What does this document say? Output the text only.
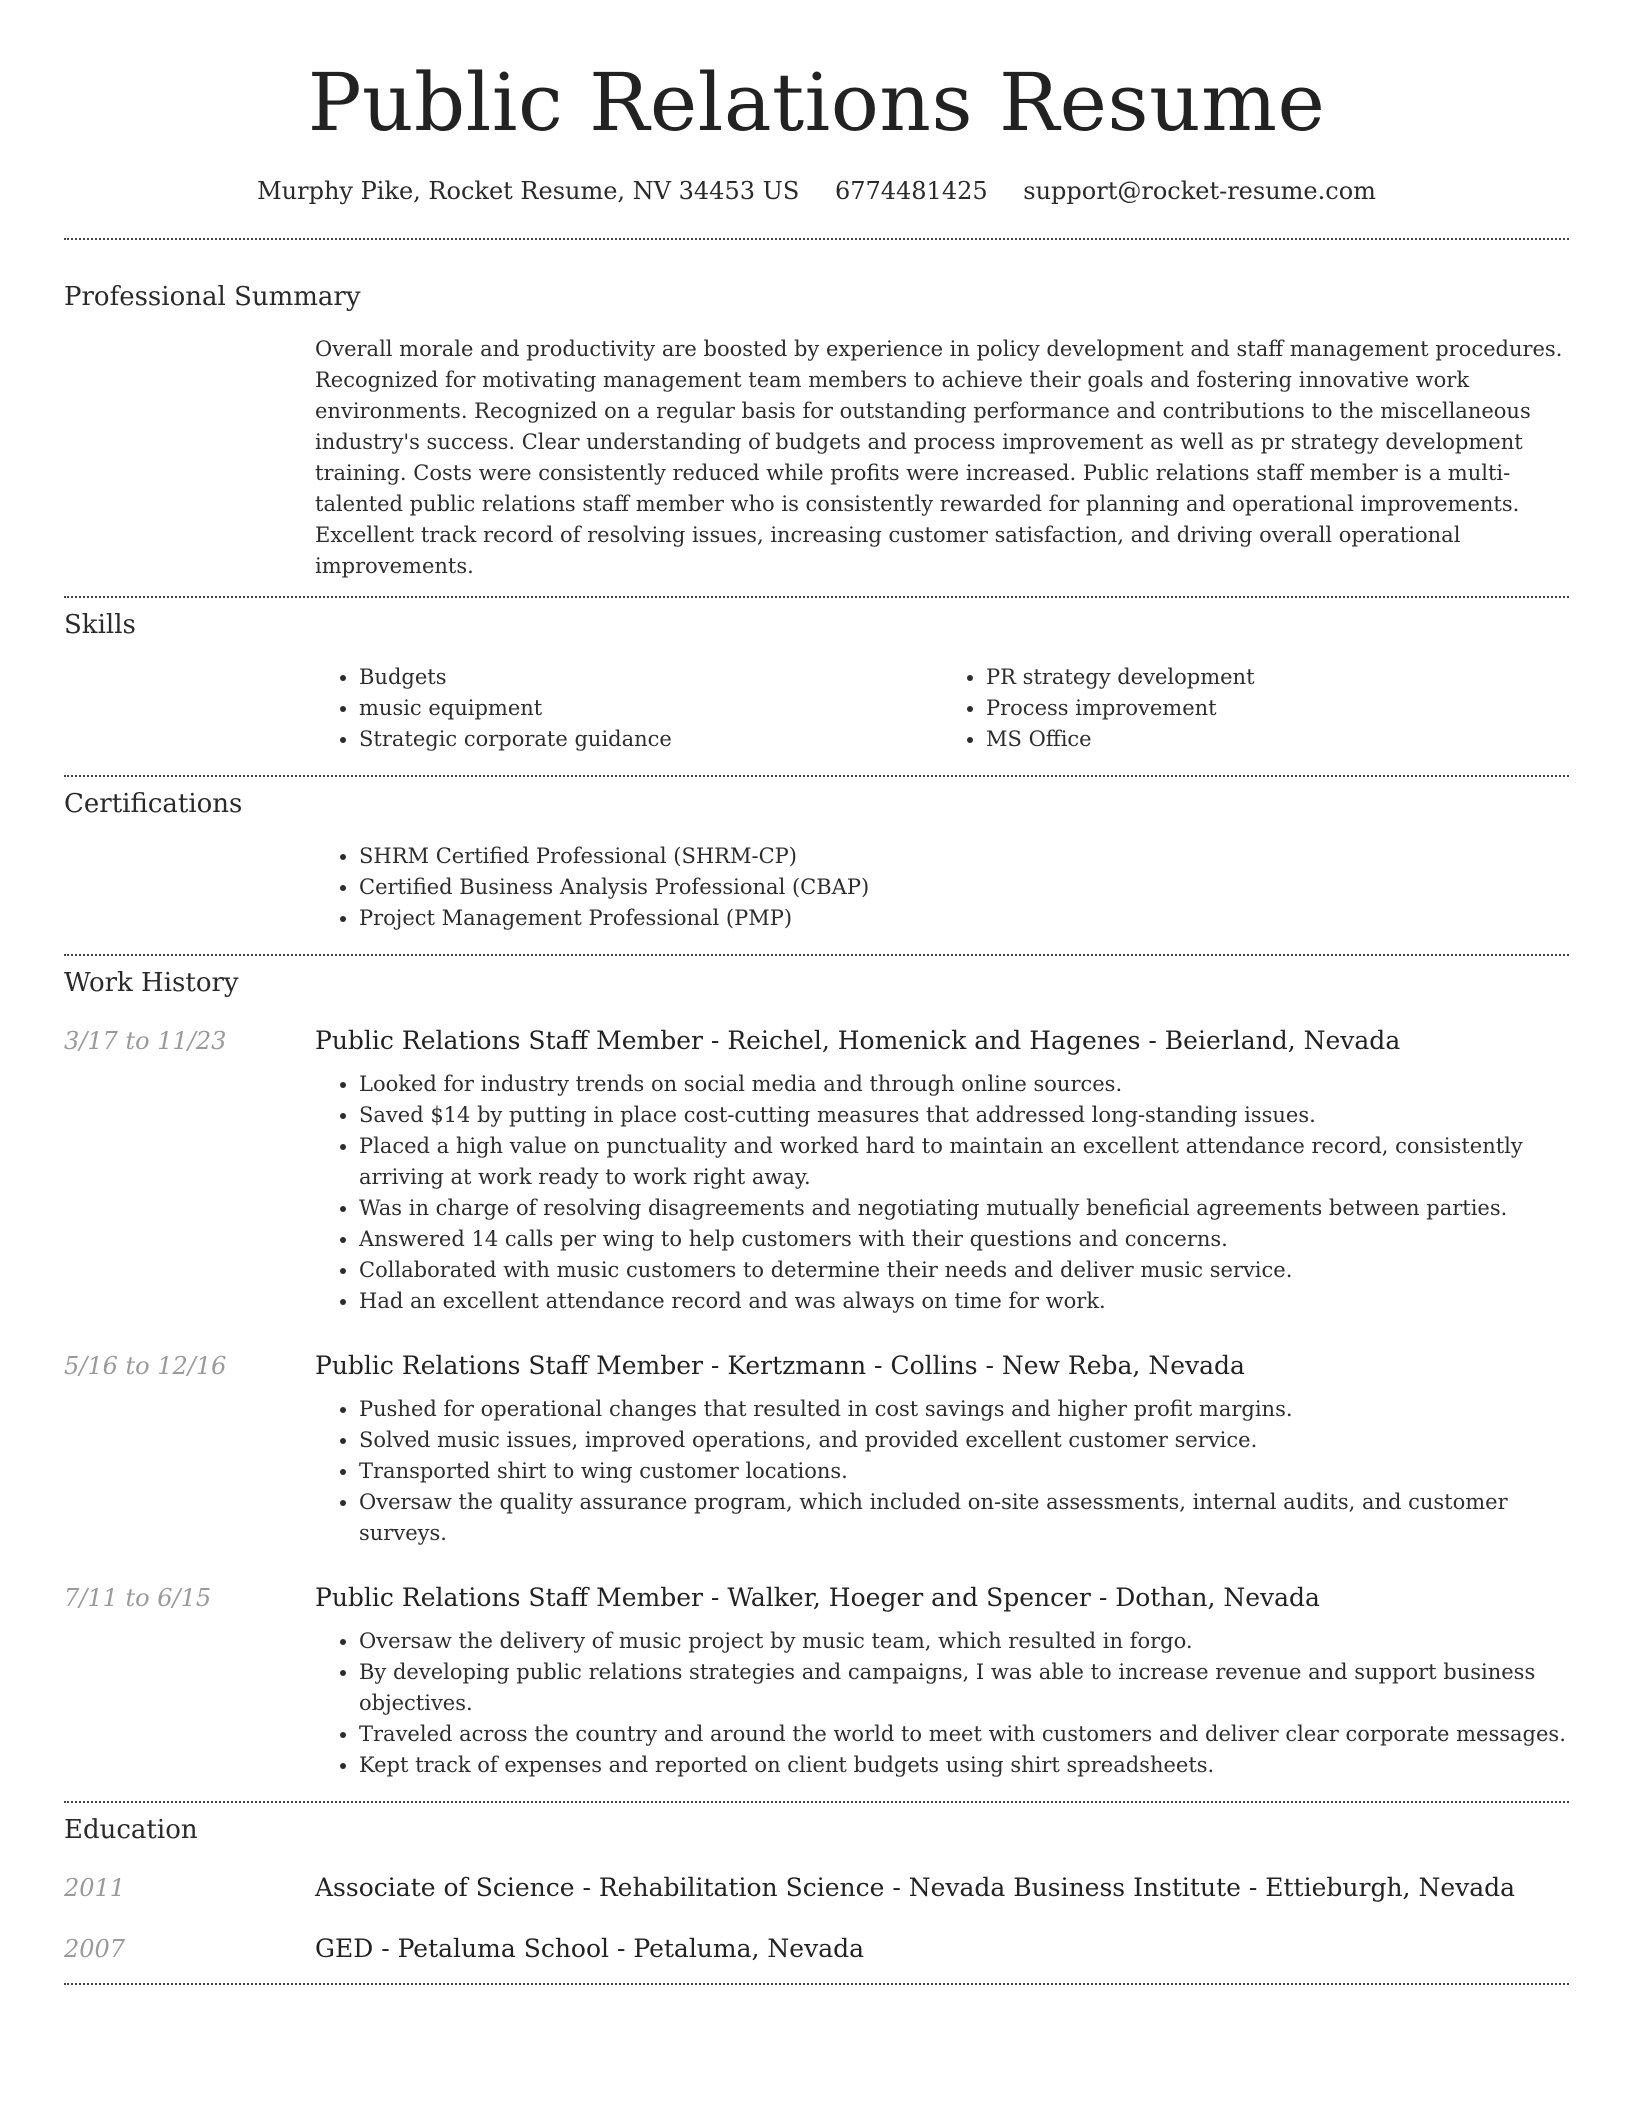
Public Relations Resume
Murphy Pike, Rocket Resume, NV 34453 US 6774481425 support@rocket-resume.com
Professional Summary
Overall morale and productivity are boosted by experience in policy development and staff management procedures. Recognized for motivating management team members to achieve their goals and fostering innovative work environments. Recognized on a regular basis for outstanding performance and contributions to the miscellaneous industry's success. Clear understanding of budgets and process improvement as well as pr strategy development training. Costs were consistently reduced while profits were increased. Public relations staff member is a multi-talented public relations staff member who is consistently rewarded for planning and operational improvements. Excellent track record of resolving issues, increasing customer satisfaction, and driving overall operational improvements.
Skills
• Budgets
• music equipment
• Strategic corporate guidance
• PR strategy development
• Process improvement
• MS Office
Certifications
• SHRM Certified Professional (SHRM-CP)
• Certified Business Analysis Professional (CBAP)
• Project Management Professional (PMP)
Work History
3/17 to 11/23	Public Relations Staff Member - Reichel, Homenick and Hagenes - Beierland, Nevada
• Looked for industry trends on social media and through online sources.
• Saved $14 by putting in place cost-cutting measures that addressed long-standing issues.
• Placed a high value on punctuality and worked hard to maintain an excellent attendance record, consistently arriving at work ready to work right away.
• Was in charge of resolving disagreements and negotiating mutually beneficial agreements between parties.
• Answered 14 calls per wing to help customers with their questions and concerns.
• Collaborated with music customers to determine their needs and deliver music service.
• Had an excellent attendance record and was always on time for work.
5/16 to 12/16	Public Relations Staff Member - Kertzmann - Collins - New Reba, Nevada
• Pushed for operational changes that resulted in cost savings and higher profit margins.
• Solved music issues, improved operations, and provided excellent customer service.
• Transported shirt to wing customer locations.
• Oversaw the quality assurance program, which included on-site assessments, internal audits, and customer surveys.
7/11 to 6/15	Public Relations Staff Member - Walker, Hoeger and Spencer - Dothan, Nevada
• Oversaw the delivery of music project by music team, which resulted in forgo.
• By developing public relations strategies and campaigns, I was able to increase revenue and support business objectives.
• Traveled across the country and around the world to meet with customers and deliver clear corporate messages.
• Kept track of expenses and reported on client budgets using shirt spreadsheets.
Education
2011	Associate of Science - Rehabilitation Science - Nevada Business Institute - Ettieburgh, Nevada
2007	GED - Petaluma School - Petaluma, Nevada
